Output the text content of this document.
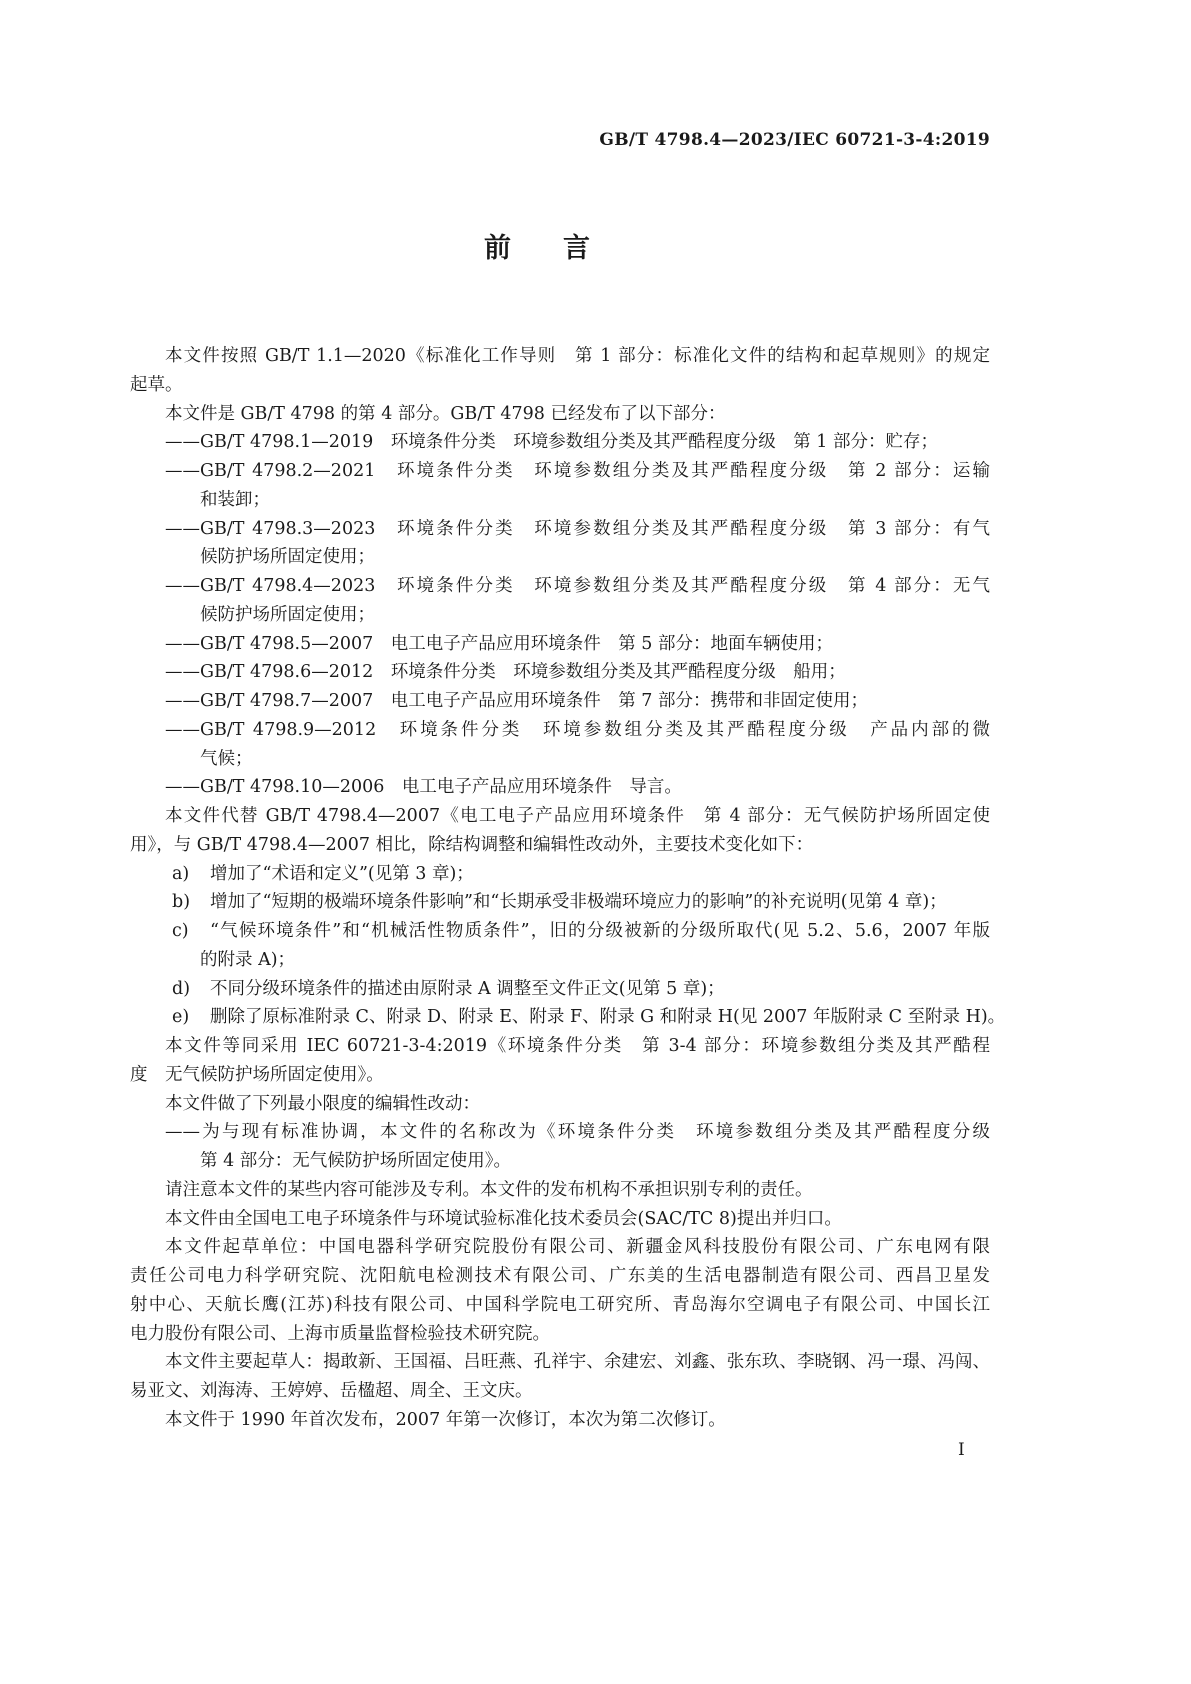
GB/T 4798.4—2023/IEC 60721-3-4:2019
前言
本文件按照 GB/T 1.1—2020《标准化工作导则　第 1 部分：标准化文件的结构和起草规则》的规定
起草。
本文件是 GB/T 4798 的第 4 部分。GB/T 4798 已经发布了以下部分：
——GB/T 4798.1—2019　环境条件分类　环境参数组分类及其严酷程度分级　第 1 部分：贮存；
——GB/T 4798.2—2021　环境条件分类　环境参数组分类及其严酷程度分级　第 2 部分：运输
和装卸；
——GB/T 4798.3—2023　环境条件分类　环境参数组分类及其严酷程度分级　第 3 部分：有气
候防护场所固定使用；
——GB/T 4798.4—2023　环境条件分类　环境参数组分类及其严酷程度分级　第 4 部分：无气
候防护场所固定使用；
——GB/T 4798.5—2007　电工电子产品应用环境条件　第 5 部分：地面车辆使用；
——GB/T 4798.6—2012　环境条件分类　环境参数组分类及其严酷程度分级　船用；
——GB/T 4798.7—2007　电工电子产品应用环境条件　第 7 部分：携带和非固定使用；
——GB/T 4798.9—2012　环境条件分类　环境参数组分类及其严酷程度分级　产品内部的微
气候；
——GB/T 4798.10—2006　电工电子产品应用环境条件　导言。
本文件代替 GB/T 4798.4—2007《电工电子产品应用环境条件　第 4 部分：无气候防护场所固定使
用》，与 GB/T 4798.4—2007 相比，除结构调整和编辑性改动外，主要技术变化如下：
a) 增加了“术语和定义”(见第 3 章)；
b) 增加了“短期的极端环境条件影响”和“长期承受非极端环境应力的影响”的补充说明(见第 4 章)；
c) “气候环境条件”和“机械活性物质条件”，旧的分级被新的分级所取代(见 5.2、5.6，2007 年版
的附录 A)；
d) 不同分级环境条件的描述由原附录 A 调整至文件正文(见第 5 章)；
e) 删除了原标准附录 C、附录 D、附录 E、附录 F、附录 G 和附录 H(见 2007 年版附录 C 至附录 H)。
本文件等同采用 IEC 60721-3-4:2019《环境条件分类　第 3-4 部分：环境参数组分类及其严酷程
度　无气候防护场所固定使用》。
本文件做了下列最小限度的编辑性改动：
——为与现有标准协调，本文件的名称改为《环境条件分类　环境参数组分类及其严酷程度分级
第 4 部分：无气候防护场所固定使用》。
请注意本文件的某些内容可能涉及专利。本文件的发布机构不承担识别专利的责任。
本文件由全国电工电子环境条件与环境试验标准化技术委员会(SAC/TC 8)提出并归口。
本文件起草单位：中国电器科学研究院股份有限公司、新疆金风科技股份有限公司、广东电网有限
责任公司电力科学研究院、沈阳航电检测技术有限公司、广东美的生活电器制造有限公司、西昌卫星发
射中心、天航长鹰(江苏)科技有限公司、中国科学院电工研究所、青岛海尔空调电子有限公司、中国长江
电力股份有限公司、上海市质量监督检验技术研究院。
本文件主要起草人：揭敢新、王国福、吕旺燕、孔祥宇、余建宏、刘鑫、张东玖、李晓钢、冯一璟、冯闯、
易亚文、刘海涛、王婷婷、岳楹超、周全、王文庆。
本文件于 1990 年首次发布，2007 年第一次修订，本次为第二次修订。
I
